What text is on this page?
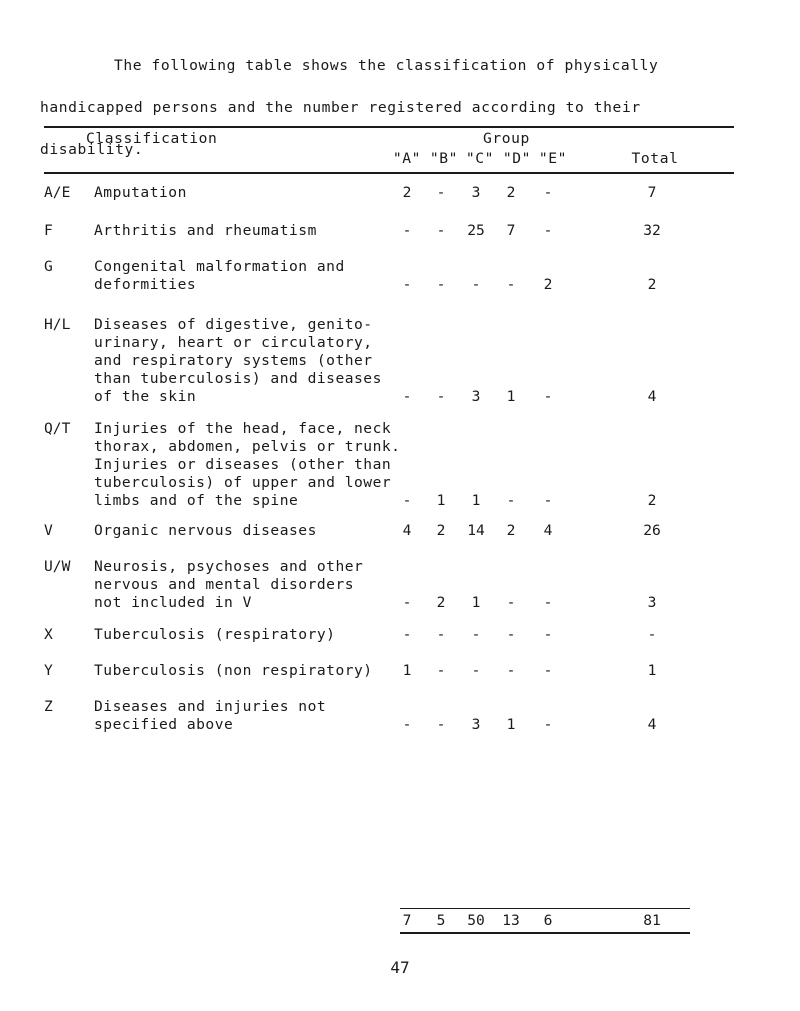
The following table shows the classification of physically

handicapped persons and the number registered according to their

disability.

Classification	Group
"A" "B" "C" "D" "E"	Total
A/E Amputation	2	-	3	2	-	7
F	Arthritis and rheumatism	-	-	25	7	-	32
G	Congenital malformation and
deformities	-	-	-	-	2	2
H/L Diseases of digestive, genito-
urinary, heart or circulatory,
and respiratory systems (other
than tuberculosis) and diseases
of the skin	-	-	3	1	-	4
Q/T Injuries of the head, face, neck
thorax, abdomen, pelvis or trunk.
Injuries or diseases (other than
tuberculosis) of upper and lower
limbs and of the spine	-	1	1	-	-	2
V	Organic nervous diseases	4	2	14	2	4	26
U/W Neurosis, psychoses and other
nervous and mental disorders
not included in V	-	2	1	-	-	3
X	Tuberculosis (respiratory)	-	-	-	-	-	-
Y	Tuberculosis (non respiratory)	1	-	-	-	-	1
Z	Diseases and injuries not
specified above	-	-	3	1	-	4
7	5	50	13	6	81
47
